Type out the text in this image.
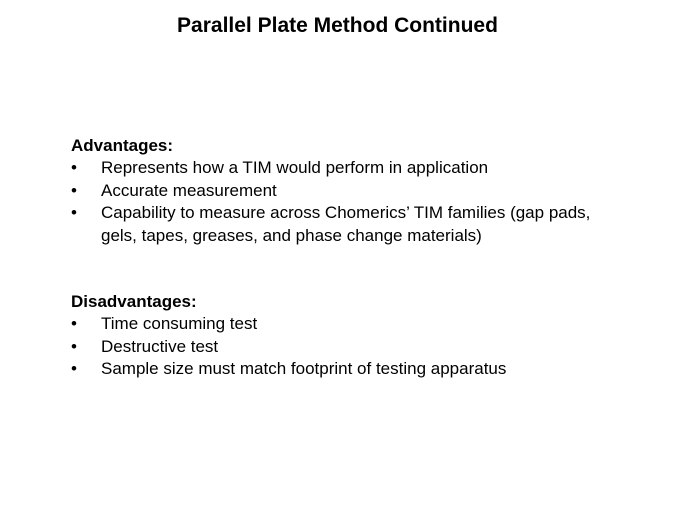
Parallel Plate Method Continued

Advantages:

•	Represents how a TIM would perform in application
•	Accurate measurement
•	Capability to measure across Chomerics’ TIM families (gap pads, gels, tapes, greases, and phase change materials)

Disadvantages:

•	Time consuming test
•	Destructive test
•	Sample size must match footprint of testing apparatus
